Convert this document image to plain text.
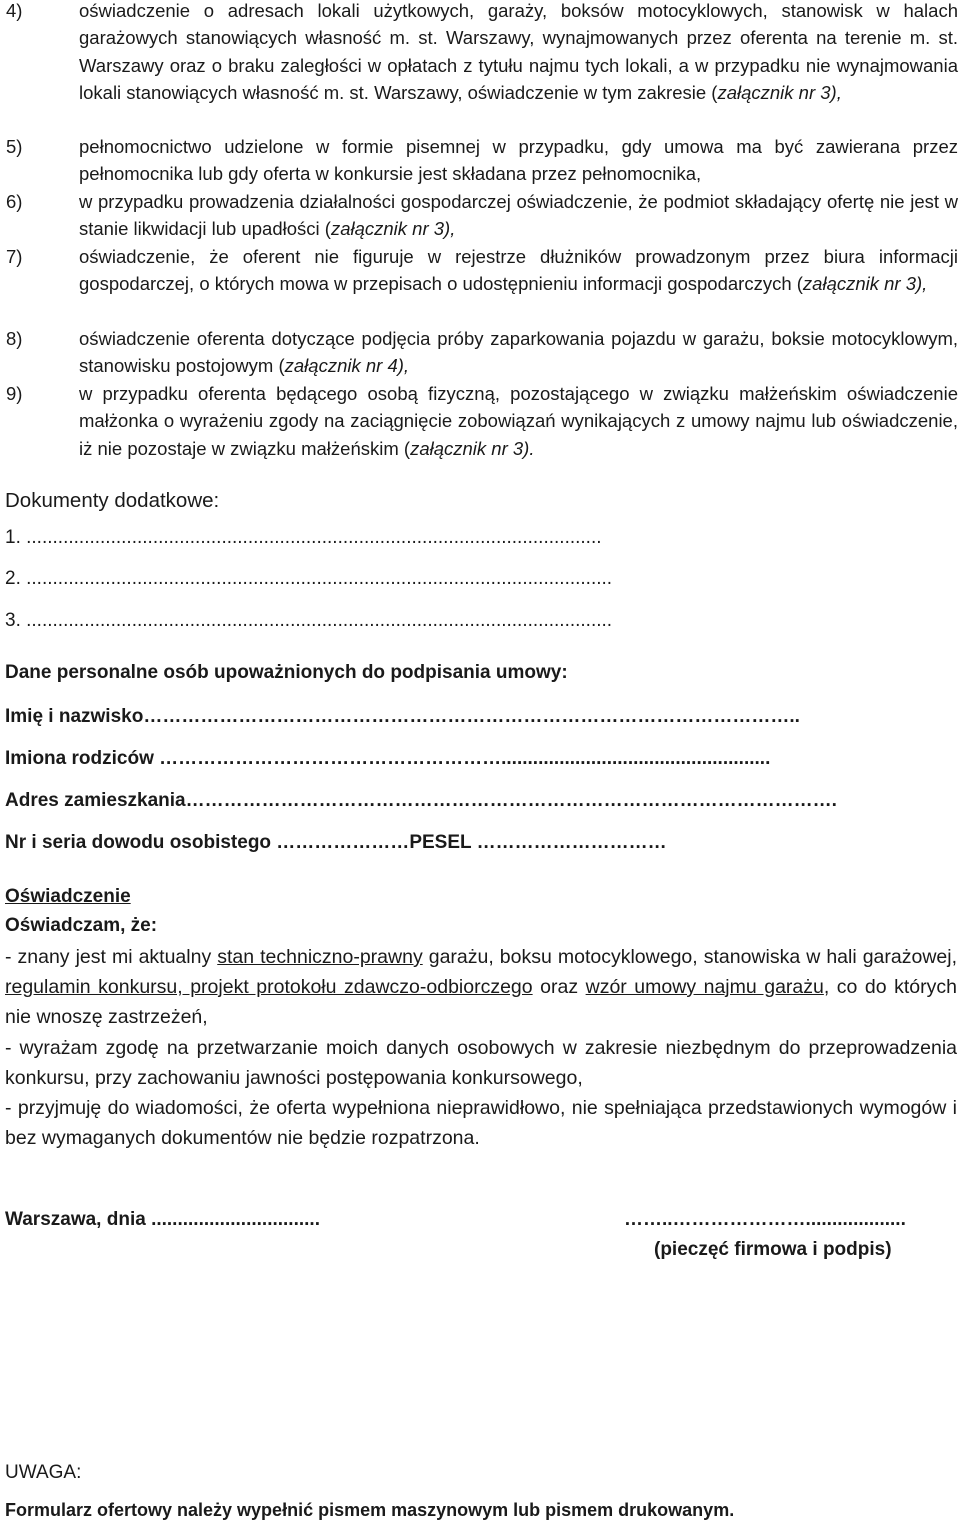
4)	oświadczenie o adresach lokali użytkowych, garaży, boksów motocyklowych, stanowisk w halach garażowych stanowiących własność m. st. Warszawy, wynajmowanych przez oferenta na terenie m. st. Warszawy oraz o braku zaległości w opłatach z tytułu najmu tych lokali, a w przypadku nie wynajmowania lokali stanowiących własność m. st. Warszawy, oświadczenie w tym zakresie (załącznik nr 3),
5)	pełnomocnictwo udzielone w formie pisemnej w przypadku, gdy umowa ma być zawierana przez pełnomocnika lub gdy oferta w konkursie jest składana przez pełnomocnika,
6)	w przypadku prowadzenia działalności gospodarczej oświadczenie, że podmiot składający ofertę nie jest w stanie likwidacji lub upadłości (załącznik nr 3),
7)	oświadczenie, że oferent nie figuruje w rejestrze dłużników prowadzonym przez biura informacji gospodarczej, o których mowa w przepisach o udostępnieniu informacji gospodarczych (załącznik nr 3),
8)	oświadczenie oferenta dotyczące podjęcia próby zaparkowania pojazdu w garażu, boksie motocyklowym, stanowisku postojowym (załącznik nr 4),
9)	w przypadku oferenta będącego osobą fizyczną, pozostającego w związku małżeńskim oświadczenie małżonka o wyrażeniu zgody na zaciągnięcie zobowiązań wynikających z umowy najmu lub oświadczenie, iż nie pozostaje w związku małżeńskim (załącznik nr 3).
Dokumenty dodatkowe:
1. .............................................................................................................
2. ...............................................................................................................
3. ...............................................................................................................
Dane personalne osób upoważnionych do podpisania umowy:
Imię i nazwisko…………………………………………………………………………………………..
Imiona rodziców ………………………………………………...................................................
Adres zamieszkania………………………………………………………………………………………….
Nr i seria dowodu osobistego …………………PESEL …………………………
Oświadczenie
Oświadczam, że:
- znany jest mi aktualny stan techniczno-prawny garażu, boksu motocyklowego, stanowiska w hali garażowej, regulamin konkursu, projekt protokołu zdawczo-odbiorczego oraz wzór umowy najmu garażu, co do których nie wnoszę zastrzeżeń,
- wyrażam zgodę na przetwarzanie moich danych osobowych w zakresie niezbędnym do przeprowadzenia konkursu, przy zachowaniu jawności postępowania konkursowego,
- przyjmuję do wiadomości, że oferta wypełniona nieprawidłowo, nie spełniająca przedstawionych wymogów i bez wymaganych dokumentów nie będzie rozpatrzona.
Warszawa, dnia ................................	……..…………………...................
(pieczęć firmowa i podpis)
UWAGA:
Formularz ofertowy należy wypełnić pismem maszynowym lub pismem drukowanym.
